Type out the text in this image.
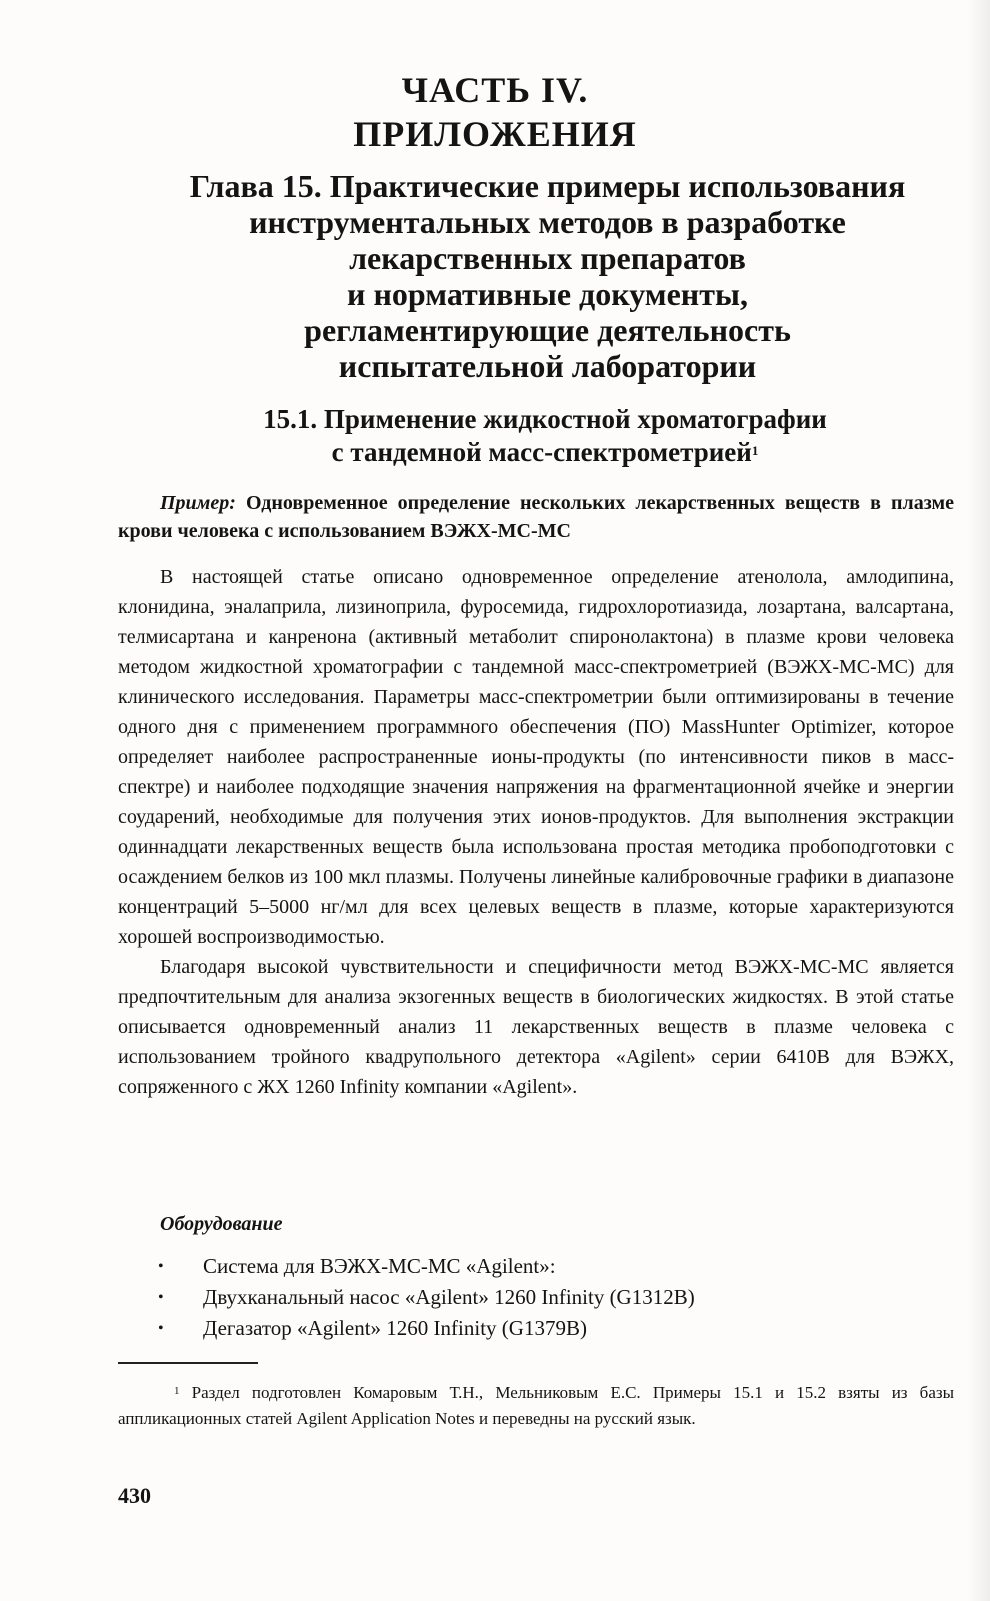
ЧАСТЬ IV.
ПРИЛОЖЕНИЯ
Глава 15. Практические примеры использования
инструментальных методов в разработке
лекарственных препаратов
и нормативные документы,
регламентирующие деятельность
испытательной лаборатории
15.1. Применение жидкостной хроматографии
с тандемной масс-спектрометрией$^1$
Пример: Одновременное определение нескольких лекарственных веществ в плазме крови человека с использованием ВЭЖХ-МС-МС

В настоящей статье описано одновременное определение атенолола, амлодипина, клонидина, эналаприла, лизиноприла, фуросемида, гидрохлоротиазида, лозартана, валсартана, телмисартана и канренона (активный метаболит спиронолактона) в плазме крови человека методом жидкостной хроматографии с тандемной масс-спектрометрией (ВЭЖХ-МС-МС) для клинического исследования. Параметры масс-спектрометрии были оптимизированы в течение одного дня с применением программного обеспечения (ПО) MassHunter Optimizer, которое определяет наиболее распространенные ионы-продукты (по интенсивности пиков в масс-спектре) и наиболее подходящие значения напряжения на фрагментационной ячейке и энергии соударений, необходимые для получения этих ионов-продуктов. Для выполнения экстракции одиннадцати лекарственных веществ была использована простая методика пробоподготовки с осаждением белков из 100 мкл плазмы. Получены линейные калибровочные графики в диапазоне концентраций 5–5000 нг/мл для всех целевых веществ в плазме, которые характеризуются хорошей воспроизводимостью.

Благодаря высокой чувствительности и специфичности метод ВЭЖХ-МС-МС является предпочтительным для анализа экзогенных веществ в биологических жидкостях. В этой статье описывается одновременный анализ 11 лекарственных веществ в плазме человека с использованием тройного квадрупольного детектора «Agilent» серии 6410В для ВЭЖХ, сопряженного с ЖХ 1260 Infinity компании «Agilent».

Оборудование
• Система для ВЭЖХ-МС-МС «Agilent»:
• Двухканальный насос «Agilent» 1260 Infinity (G1312B)
• Дегазатор «Agilent» 1260 Infinity (G1379B)
$^1$ Раздел подготовлен Комаровым Т.Н., Мельниковым Е.С. Примеры 15.1 и 15.2 взяты из базы аппликационных статей Agilent Application Notes и переведны на русский язык.
430
